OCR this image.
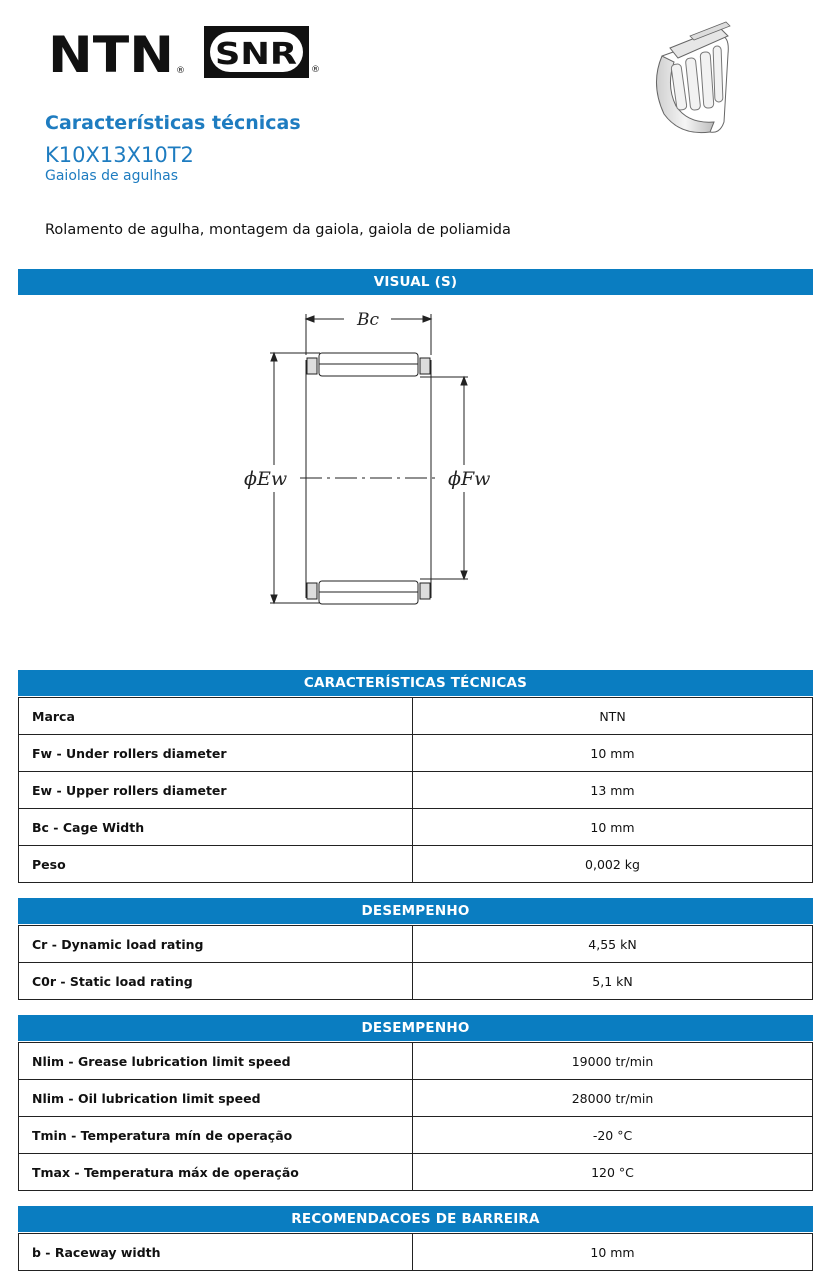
NTN ® SNR ®
Características técnicas
K10X13X10T2
Gaiolas de agulhas
Rolamento de agulha, montagem da gaiola, gaiola de poliamida
VISUAL (S)
Bc
ϕEw	ϕFw
CARACTERÍSTICAS TÉCNICAS
Marca	NTN
Fw - Under rollers diameter	10 mm
Ew - Upper rollers diameter	13 mm
Bc - Cage Width	10 mm
Peso	0,002 kg
DESEMPENHO
Cr - Dynamic load rating	4,55 kN
C0r - Static load rating	5,1 kN
DESEMPENHO
Nlim - Grease lubrication limit speed	19000 tr/min
Nlim - Oil lubrication limit speed	28000 tr/min
Tmin - Temperatura mín de operação	-20 °C
Tmax - Temperatura máx de operação	120 °C
RECOMENDACOES DE BARREIRA
b - Raceway width	10 mm
